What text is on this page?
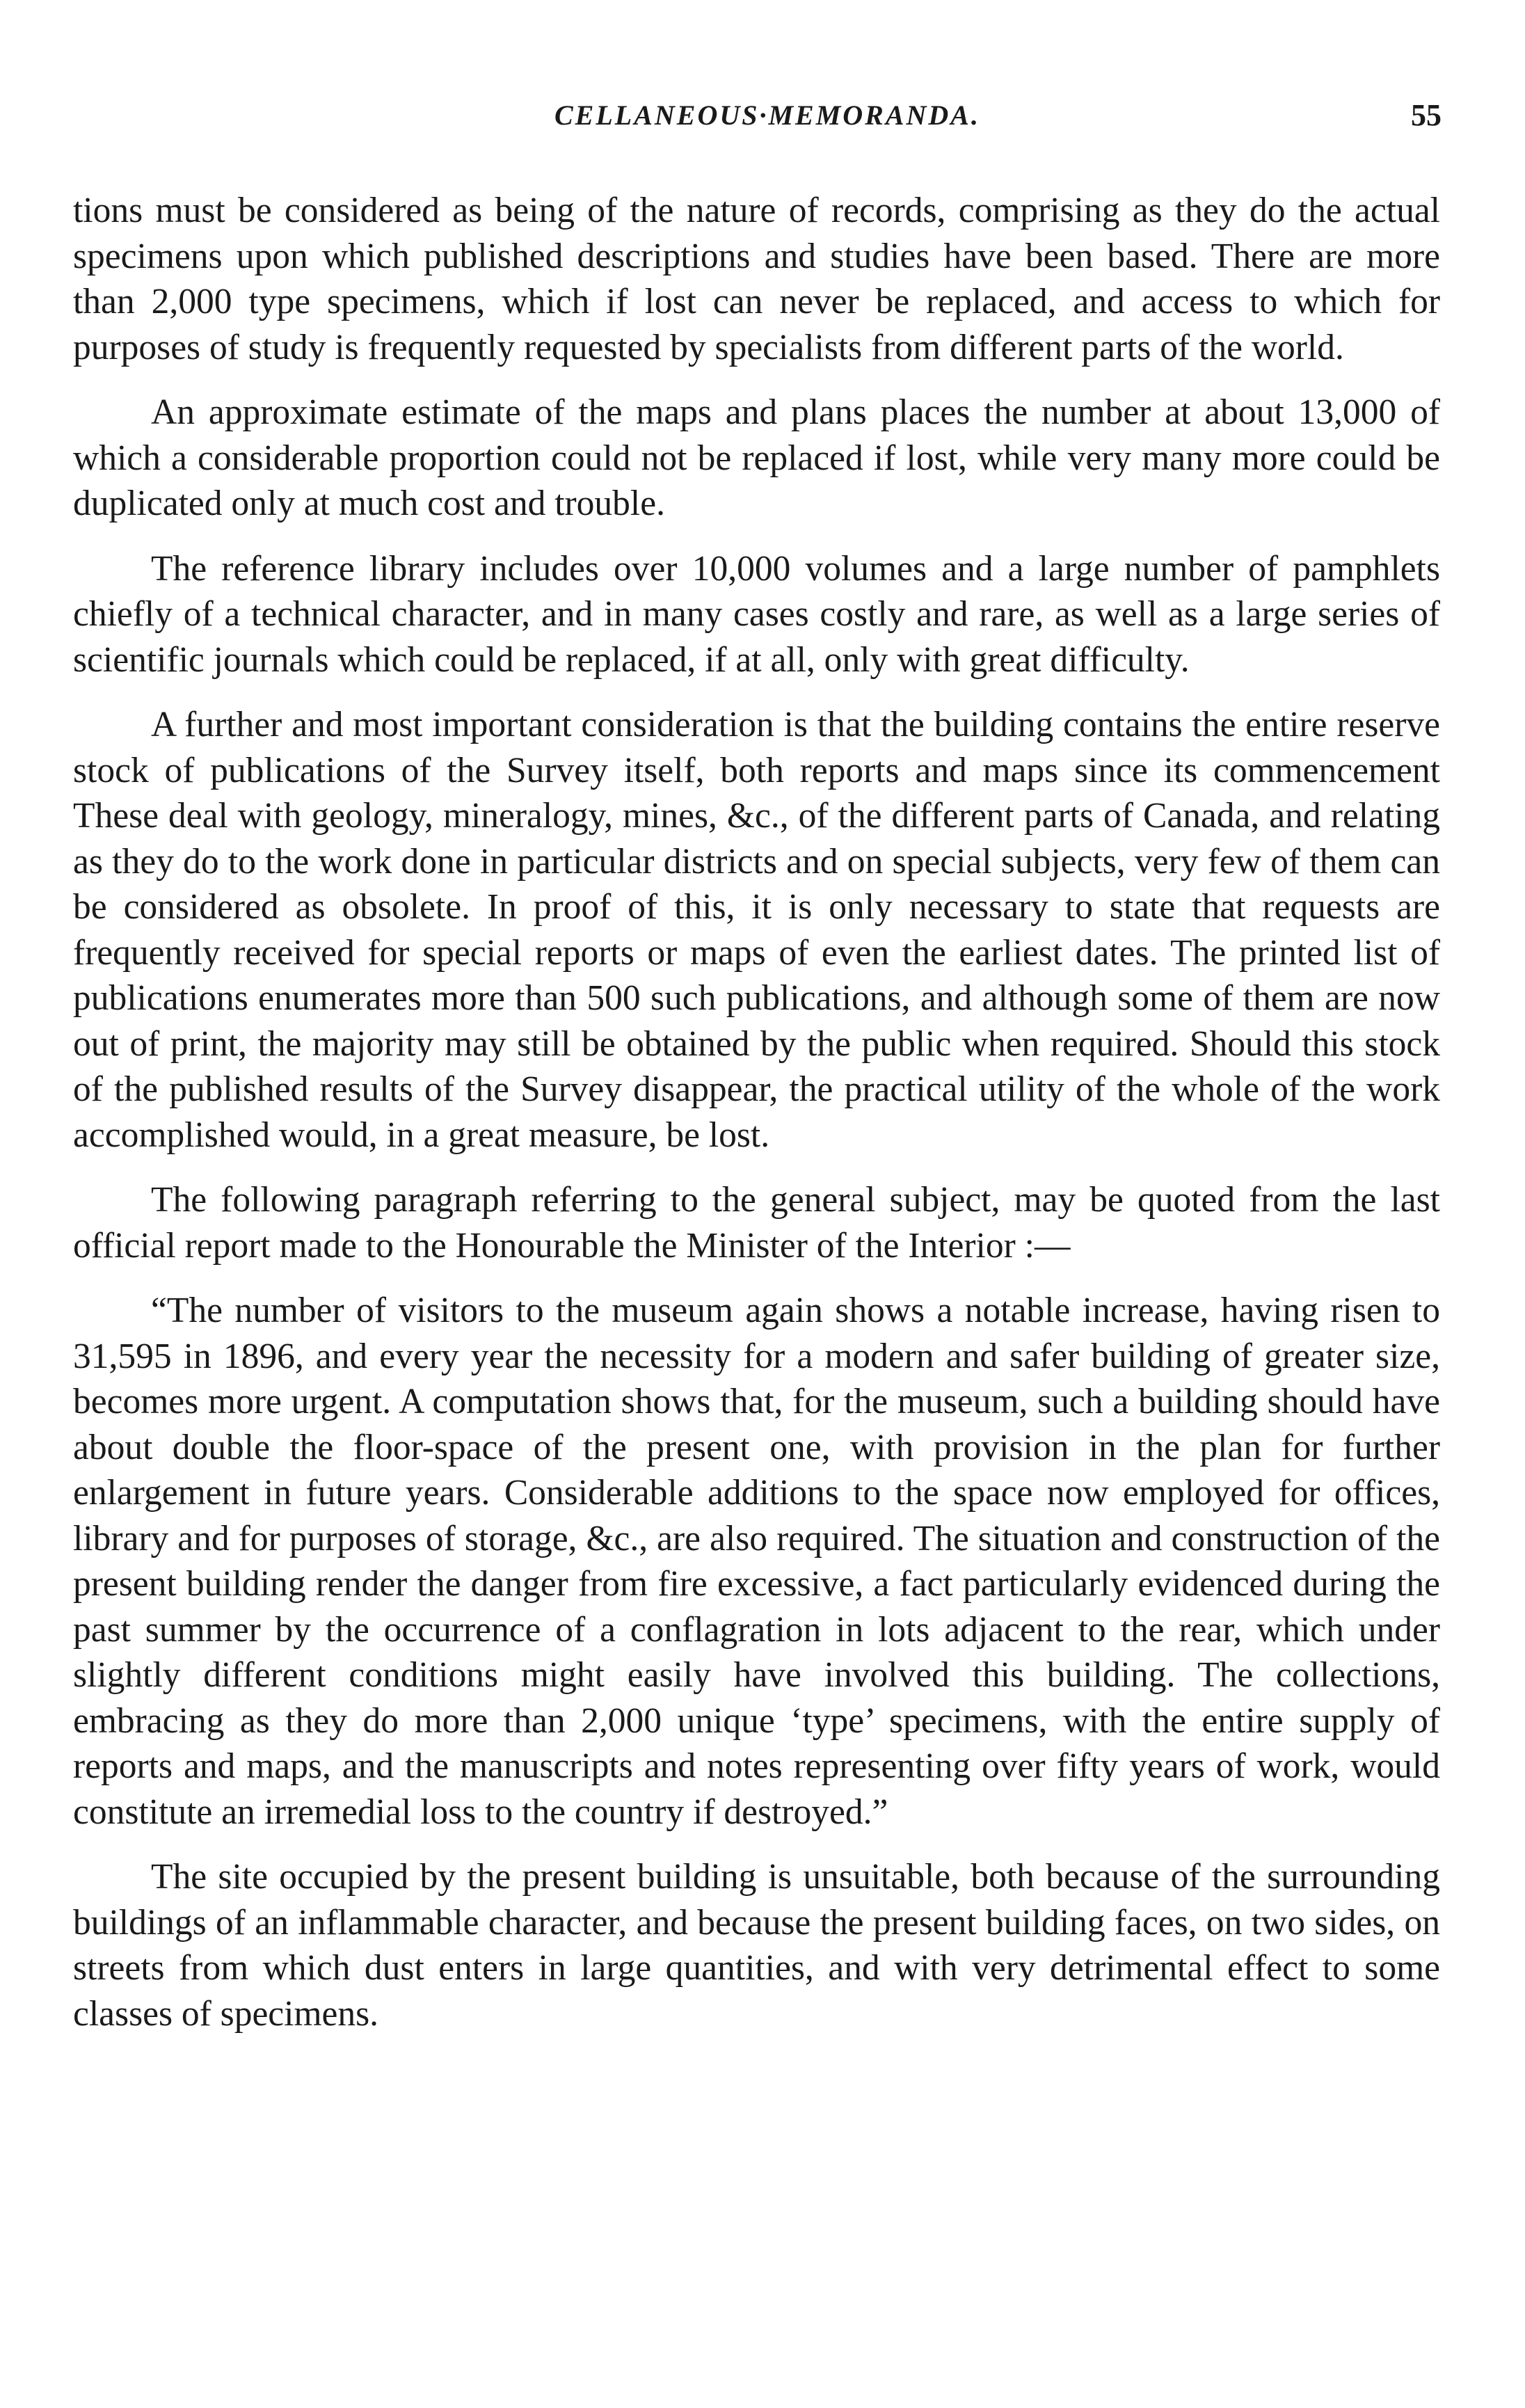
CELLANEOUS·MEMORANDA.	55

tions must be considered as being of the nature of records, comprising as they do the actual specimens upon which published descriptions and studies have been based. There are more than 2,000 type specimens, which if lost can never be replaced, and access to which for purposes of study is frequently requested by specialists from different parts of the world.

An approximate estimate of the maps and plans places the number at about 13,000 of which a considerable proportion could not be replaced if lost, while very many more could be duplicated only at much cost and trouble.

The reference library includes over 10,000 volumes and a large number of pamphlets chiefly of a technical character, and in many cases costly and rare, as well as a large series of scientific journals which could be replaced, if at all, only with great difficulty.

A further and most important consideration is that the building contains the entire reserve stock of publications of the Survey itself, both reports and maps since its commencement These deal with geology, mineralogy, mines, &c., of the different parts of Canada, and relating as they do to the work done in particular districts and on special subjects, very few of them can be considered as obsolete. In proof of this, it is only necessary to state that requests are frequently received for special reports or maps of even the earliest dates. The printed list of publications enumerates more than 500 such publications, and although some of them are now out of print, the majority may still be obtained by the public when required. Should this stock of the published results of the Survey disappear, the practical utility of the whole of the work accomplished would, in a great measure, be lost.

The following paragraph referring to the general subject, may be quoted from the last official report made to the Honourable the Minister of the Interior :—

“The number of visitors to the museum again shows a notable increase, having risen to 31,595 in 1896, and every year the necessity for a modern and safer building of greater size, becomes more urgent. A computation shows that, for the museum, such a building should have about double the floor-space of the present one, with provision in the plan for further enlargement in future years. Considerable additions to the space now employed for offices, library and for purposes of storage, &c., are also required. The situation and construction of the present building render the danger from fire excessive, a fact particularly evidenced during the past summer by the occurrence of a conflagration in lots adjacent to the rear, which under slightly different conditions might easily have involved this building. The collections, embracing as they do more than 2,000 unique ‘type’ specimens, with the entire supply of reports and maps, and the manuscripts and notes representing over fifty years of work, would constitute an irremedial loss to the country if destroyed.”

The site occupied by the present building is unsuitable, both because of the surrounding buildings of an inflammable character, and because the present building faces, on two sides, on streets from which dust enters in large quantities, and with very detrimental effect to some classes of specimens.
